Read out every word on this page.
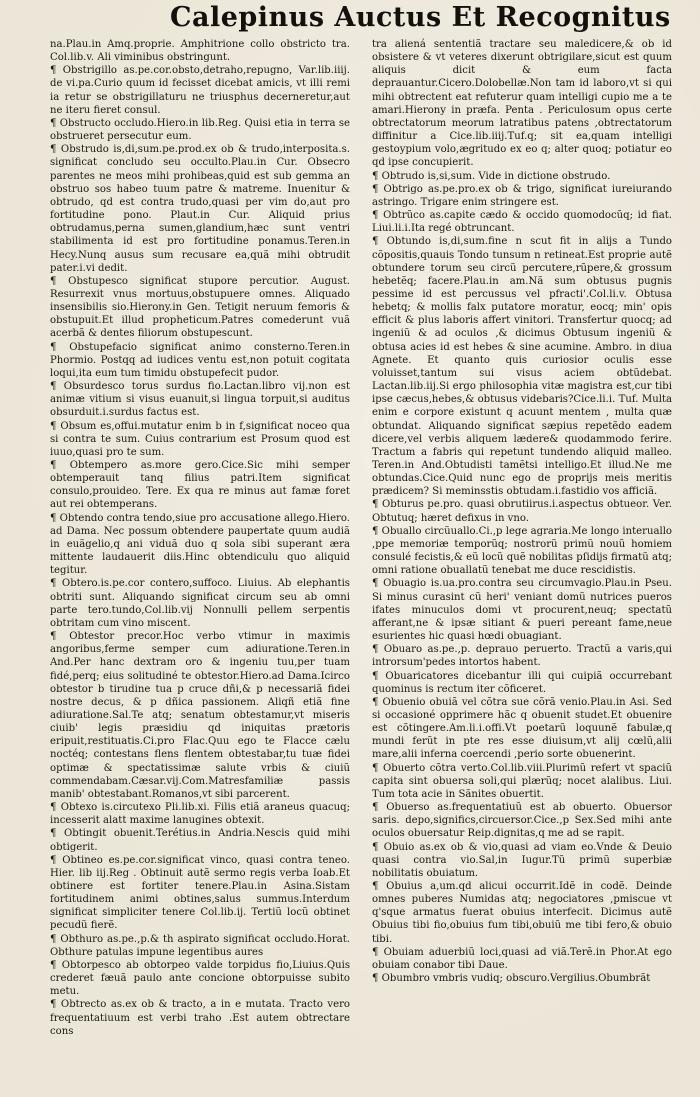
Calepinus Auctus Et Recognitus

na.Plau.in Amq.proprie. Amphitrione collo obstricto tra. Col.lib.v. Ali viminibus obstringunt.

¶ Obstrigillo as.pe.cor.obsto,detraho,repugno, Var.lib.iiij. de vi.pa.Curio quum id fecisset dicebat amicis, vt illi remi ia retur se obstrigillaturu ne triusphus decerneretur,aut ne iteru fieret consul.

¶ Obstructo occludo.Hiero.in lib.Reg. Quisi etia in terra se obstrueret persecutur eum.

¶ Obstrudo is,di,sum.pe.prod.ex ob & trudo,interposita.s. significat concludo seu occulto.Plau.in Cur. Obsecro parentes ne meos mihi prohibeas,quid est sub gemma an obstruo sos habeo tuum patre & matreme. Inuenitur & obtrudo, qd est contra trudo,quasi per vim do,aut pro fortitudine pono. Plaut.in Cur. Aliquid prius obtrudamus,perna sumen,glandium,hæc sunt ventri stabilimenta id est pro fortitudine ponamus.Teren.in Hecy.Nunq ausus sum recusare ea,quã mihi obtrudit pater.i.vi dedit.

¶ Obstupesco significat stupore percutior. August. Resurrexit vnus mortuus,obstupuere omnes. Aliquado insensibilis sio.Hierony.in Gen. Tetigit neruum femoris & obstupuit.Et illud propheticum.Patres comederunt vuã acerbã & dentes filiorum obstupescunt.

¶ Obstupefacio significat animo consterno.Teren.in Phormio. Postqq ad iudices ventu est,non potuit cogitata loqui,ita eum tum timidu obstupefecit pudor.

¶ Obsurdesco torus surdus fio.Lactan.libro vij.non est animæ vitium si visus euanuit,si lingua torpuit,si auditus obsurduit.i.surdus factus est.

¶ Obsum es,offui.mutatur enim b in f,significat noceo qua si contra te sum. Cuius contrarium est Prosum quod est iuuo,quasi pro te sum.

¶ Obtempero as.more gero.Cice.Sic mihi semper obtemperauit tanq filius patri.Item significat consulo,prouideo. Tere. Ex qua re minus aut famæ foret aut rei obtemperans.

¶ Obtendo contra tendo,siue pro accusatione allego.Hiero. ad Dama. Nec possum obtendere paupertate quum audiã in euãgelio,q ani viduã duo q sola sibi superant æra mittente laudauerit diis.Hinc obtendiculu quo aliquid tegitur.

¶ Obtero.is.pe.cor contero,suffoco. Liuius. Ab elephantis obtriti sunt. Aliquando significat circum seu ab omni parte tero.tundo,Col.lib.vij Nonnulli pellem serpentis obtritam cum vino miscent.

¶ Obtestor precor.Hoc verbo vtimur in maximis angoribus,ferme semper cum adiuratione.Teren.in And.Per hanc dextram oro & ingeniu tuu,per tuam fidé,perq; eius solitudiné te obtestor.Hiero.ad Dama.Icirco obtestor b tirudine tua p cruce dñi,& p necessariã fidei nostre decus, & p dñica passionem. Aliqñ etiã fine adiuratione.Sal.Te atq; senatum obtestamur,vt miseris ciuib' legis præsidiu qd iniquitas prætoris eripuit,restituatis.Ci.pro Flac.Quu ego te Flacce cælu noctéq; contestans flens flentem obtestabar,tu tuæ fidei optimæ & spectatissimæ salute vrbis & ciuiũ commendabam.Cæsar.vij.Com.Matresfamiliæ passis manib' obtestabant.Romanos,vt sibi parcerent.

¶ Obtexo is.circutexo Pli.lib.xi. Filis etiã araneus quacuq; incesserit alatt maxime lanugines obtexit.

¶ Obtingit obuenit.Terétius.in Andria.Nescis quid mihi obtigerit.

¶ Obtineo es.pe.cor.significat vinco, quasi contra teneo. Hier. lib iij.Reg . Obtinuit autẽ sermo regis verba Ioab.Et obtinere est fortiter tenere.Plau.in Asina.Sistam fortitudinem animi obtines,salus summus.Interdum significat simpliciter tenere Col.lib.ij. Tertiũ locũ obtinet pecudũ fierẽ.

¶ Obthuro as.pe.,p.& th aspirato significat occludo.Horat. Obthure patulas impune legentibus aures

¶ Obtorpesco ab obtorpeo valde torpidus fio,Liuius.Quis crederet fæuã paulo ante concione obtorpuisse subito metu.

¶ Obtrecto as.ex ob & tracto, a in e mutata. Tracto vero frequentatiuum est verbi traho .Est autem obtrectare cons

tra aliená sententiã tractare seu maledicere,& ob id obsistere & vt veteres dixerunt obtrigilare,sicut est quum aliquis dicit & eum facta deprauantur.Cicero.Dolobellæ.Non tam id laboro,vt si qui mihi obtrectent eat refuterur quam intelligi cupio me a te amari.Hierony in præfa. Penta . Periculosum opus certe obtrectatorum meorum latratibus patens ,obtrectatorum diffinitur a Cice.lib.iiij.Tuf.q; sit ea,quam intelligi gestoypium volo,ægritudo ex eo q; alter quoq; potiatur eo qd ipse concupierit.

¶ Obtrudo is,si,sum. Vide in dictione obstrudo.

¶ Obtrigo as.pe.pro.ex ob & trigo, significat iureiurando astringo. Trigare enim stringere est.

¶ Obtrũco as.capite cædo & occido quomodocũq; id fiat. Liui.li.i.Ita regé obtruncant.

¶ Obtundo is,di,sum.fine n scut fit in alijs a Tundo cõpositis,quauis Tondo tunsum n retineat.Est proprie autẽ obtundere torum seu circũ percutere,rũpere,& grossum hebetẽq; facere.Plau.in am.Nã sum obtusus pugnis pessime id est percussus vel pfracti'.Col.li.v. Obtusa hebetq; & mollis falx putatore moratur, eocq; min' opis efficit & plus laboris affert vinitori. Transfertur quocq; ad ingeniũ & ad oculos ,& dicimus Obtusum ingeniũ & obtusa acies id est hebes & sine acumine. Ambro. in diua Agnete. Et quanto quis curiosior oculis esse voluisset,tantum sui visus aciem obtũdebat. Lactan.lib.iij.Si ergo philosophia vitæ magistra est,cur tibi ipse cæcus,hebes,& obtusus videbaris?Cice.li.i. Tuf. Multa enim e corpore existunt q acuunt mentem , multa quæ obtundat. Aliquando significat sæpius repetẽdo eadem dicere,vel verbis aliquem lædere& quodammodo ferire. Tractum a fabris qui repetunt tundendo aliquid malleo. Teren.in And.Obtudisti tamẽtsi intelligo.Et illud.Ne me obtundas.Cice.Quid nunc ego de proprijs meis meritis prædicem? Si meminsstis obtudam.i.fastidio vos afficiã.

¶ Obturus pe.pro. quasi obrutiirus.i.aspectus obtueor. Ver. Obtutuq; hæret defixus in vno.

¶ Obuallo circũuallo.Ci.,p lege agraria.Me longo interuallo ,ppe memoriæ temporũq; nostrorũ primũ nouũ homiem consulé fecistis,& eũ locũ quẽ nobilitas pſidijs firmatũ atq; omni ratione obuallatũ tenebat me duce rescidistis.

¶ Obuagio is.ua.pro.contra seu circumvagio.Plau.in Pseu. Si minus curasint cũ heri' veniant domũ nutrices pueros ifates minuculos domi vt procurent,neuq; spectatũ afferant,ne & ipsæ sitiant & pueri pereant fame,neue esurientes hic quasi hœdi obuagiant.

¶ Obuaro as.pe.,p. deprauo peruerto. Tractũ a varis,qui introrsum'pedes intortos habent.

¶ Obuaricatores dicebantur illi qui cuipiã occurrebant quominus is rectum iter cõficeret.

¶ Obuenio obuiã vel cõtra sue cõrã venio.Plau.in Asi. Sed si occasioné opprimere hãc q obuenit studet.Et obuenire est cõtingere.Am.li.i.offi.Vt poetarũ loquunẽ fabulæ,q mundi ferũt in pte res esse diuisum,vt alij cœlũ,alii mare,alii inferna coercendi ,perio sorte obuenerint.

¶ Obuerto cõtra verto.Col.lib.viii.Plurimũ refert vt spaciũ capita sint obuersa soli,qui plærũq; nocet alalibus. Liui. Tum tota acie in Sãnites obuertit.

¶ Obuerso as.frequentatiuũ est ab obuerto. Obuersor saris. depo,significs,circuersor.Cice.,p Sex.Sed mihi ante oculos obuersatur Reip.dignitas,q me ad se rapit.

¶ Obuio as.ex ob & vio,quasi ad viam eo.Vnde & Deuio quasi contra vio.Sal,in Iugur.Tũ primũ superbiæ nobilitatis obuiatum.

¶ Obuius a,um.qd alicui occurrit.Idẽ in codẽ. Deinde omnes puberes Numidas atq; negociatores ,pmiscue vt q'sque armatus fuerat obuius interfecit. Dicimus autẽ Obuius tibi fio,obuius fum tibi,obuiũ me tibi fero,& obuio tibi.

¶ Obuiam aduerbiũ loci,quasi ad viã.Terẽ.in Phor.At ego obuiam conabor tibi Daue.

¶ Obumbro vmbris vudiq; obscuro.Vergilius.Obumbrãt
